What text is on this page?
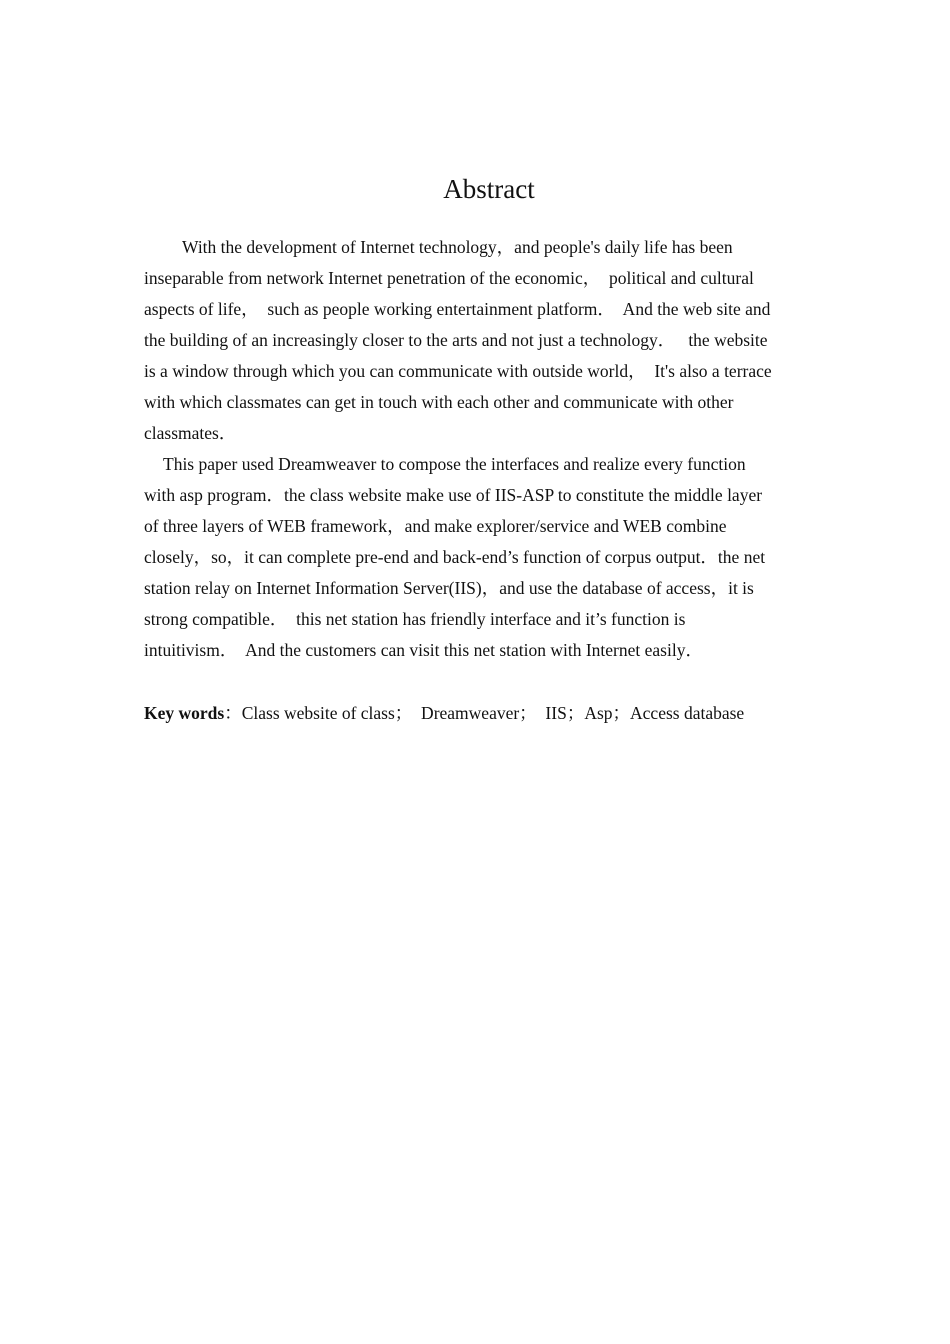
Abstract
With the development of Internet technology，and people's daily life has been
inseparable from network Internet penetration of the economic，  political and cultural
aspects of life，  such as people working entertainment platform．  And the web site and
the building of an increasingly closer to the arts and not just a technology．   the website
is a window through which you can communicate with outside world，  It's also a terrace
with which classmates can get in touch with each other and communicate with other
classmates．
This paper used Dreamweaver to compose the interfaces and realize every function
with asp program．the class website make use of IIS-ASP to constitute the middle layer
of three layers of WEB framework，and make explorer/service and WEB combine
closely，so，it can complete pre-end and back-end’s function of corpus output．the net
station relay on Internet Information Server(IIS)，and use the database of access，it is
strong compatible．  this net station has friendly interface and it’s function is
intuitivism．  And the customers can visit this net station with Internet easily．
Key words：Class website of class；  Dreamweaver；  IIS；Asp；Access database
